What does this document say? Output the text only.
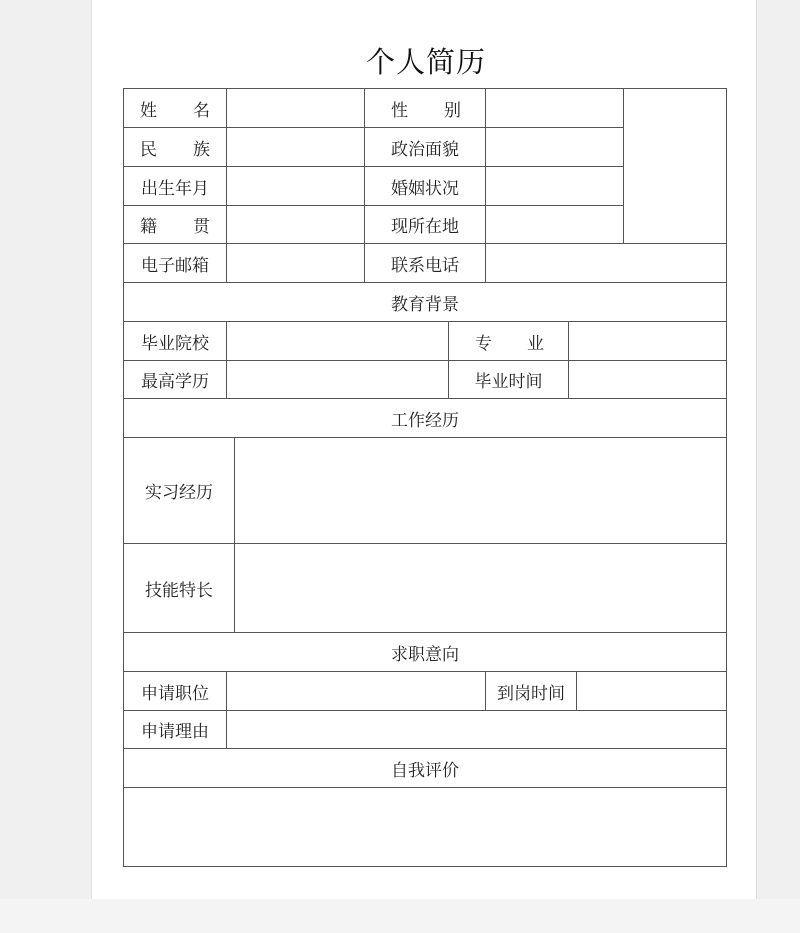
个人简历
姓 名	性 别
民 族	政治面貌
出生年月	婚姻状况
籍 贯	现所在地
电子邮箱	联系电话
教育背景
毕业院校	专 业
最高学历	毕业时间
工作经历
实习经历
技能特长
求职意向
申请职位	到岗时间
申请理由
自我评价
